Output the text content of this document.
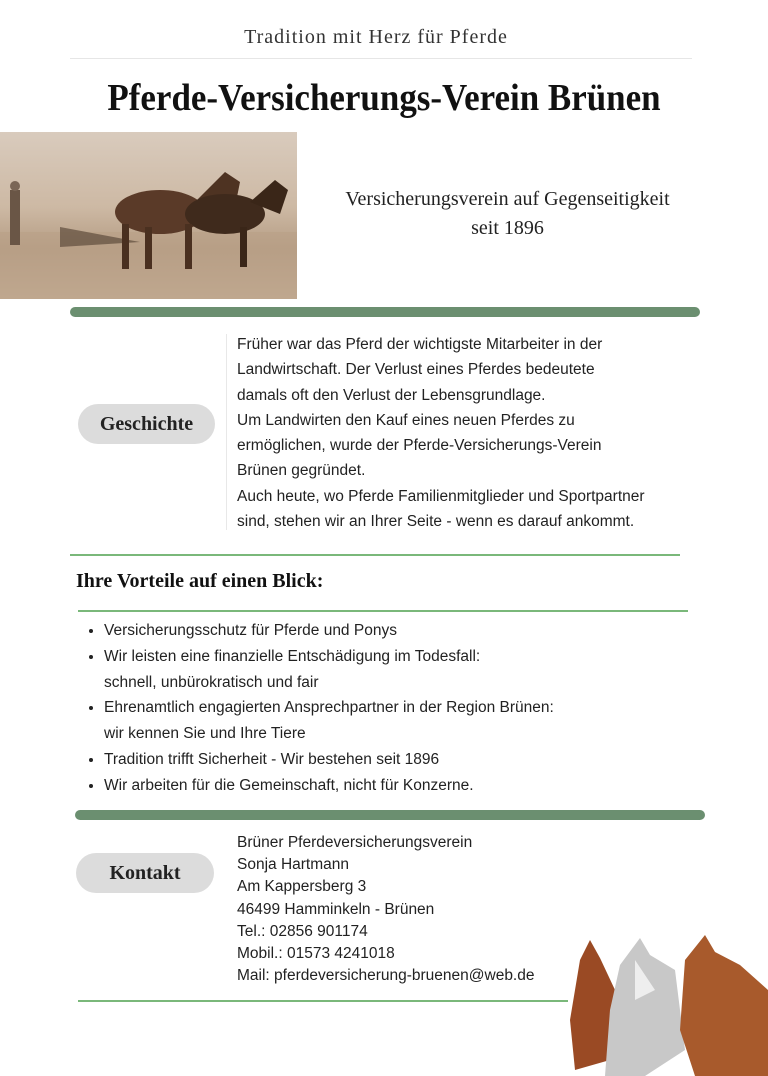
Tradition mit Herz für Pferde
Pferde-Versicherungs-Verein Brünen
Versicherungsverein auf Gegenseitigkeit
seit 1896
Geschichte
Früher war das Pferd der wichtigste Mitarbeiter in der
Landwirtschaft. Der Verlust eines Pferdes bedeutete
damals oft den Verlust der Lebensgrundlage.
Um Landwirten den Kauf eines neuen Pferdes zu
ermöglichen, wurde der Pferde-Versicherungs-Verein
Brünen gegründet.
Auch heute, wo Pferde Familienmitglieder und Sportpartner
sind, stehen wir an Ihrer Seite - wenn es darauf ankommt.
Ihre Vorteile auf einen Blick:
• Versicherungsschutz für Pferde und Ponys
• Wir leisten eine finanzielle Entschädigung im Todesfall:
schnell, unbürokratisch und fair
• Ehrenamtlich engagierten Ansprechpartner in der Region Brünen:
wir kennen Sie und Ihre Tiere
• Tradition trifft Sicherheit - Wir bestehen seit 1896
• Wir arbeiten für die Gemeinschaft, nicht für Konzerne.
Kontakt
Brüner Pferdeversicherungsverein
Sonja Hartmann
Am Kappersberg 3
46499 Hamminkeln - Brünen
Tel.: 02856 901174
Mobil.: 01573 4241018
Mail: pferdeversicherung-bruenen@web.de
